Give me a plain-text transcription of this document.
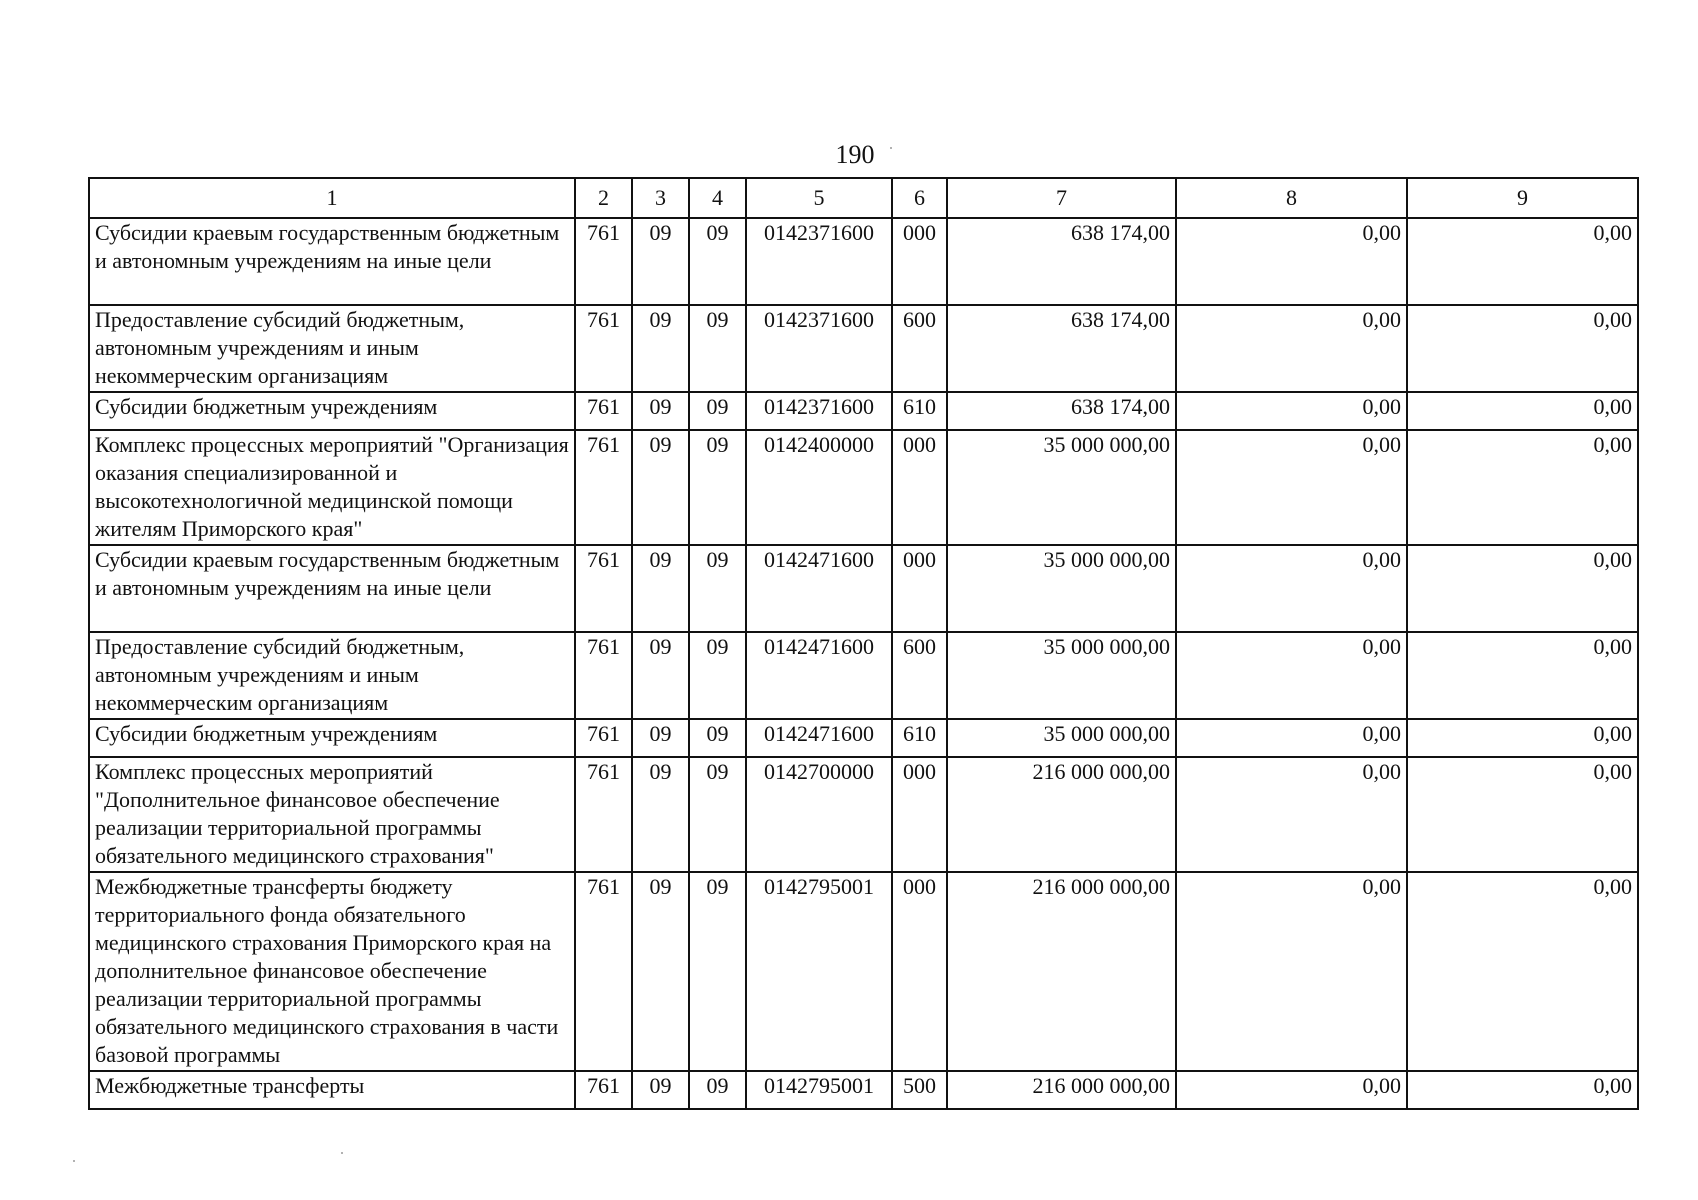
190
1	2	3	4	5	6	7	8	9
Субсидии краевым государственным бюджетным и автономным учреждениям на иные цели	761	09	09	0142371600	000	638 174,00	0,00	0,00
Предоставление субсидий бюджетным, автономным учреждениям и иным некоммерческим организациям	761	09	09	0142371600	600	638 174,00	0,00	0,00
Субсидии бюджетным учреждениям	761	09	09	0142371600	610	638 174,00	0,00	0,00
Комплекс процессных мероприятий "Организация оказания специализированной и высокотехнологичной медицинской помощи жителям Приморского края"	761	09	09	0142400000	000	35 000 000,00	0,00	0,00
Субсидии краевым государственным бюджетным и автономным учреждениям на иные цели	761	09	09	0142471600	000	35 000 000,00	0,00	0,00
Предоставление субсидий бюджетным, автономным учреждениям и иным некоммерческим организациям	761	09	09	0142471600	600	35 000 000,00	0,00	0,00
Субсидии бюджетным учреждениям	761	09	09	0142471600	610	35 000 000,00	0,00	0,00
Комплекс процессных мероприятий "Дополнительное финансовое обеспечение реализации территориальной программы обязательного медицинского страхования"	761	09	09	0142700000	000	216 000 000,00	0,00	0,00
Межбюджетные трансферты бюджету территориального фонда обязательного медицинского страхования Приморского края на дополнительное финансовое обеспечение реализации территориальной программы обязательного медицинского страхования в части базовой программы	761	09	09	0142795001	000	216 000 000,00	0,00	0,00
Межбюджетные трансферты	761	09	09	0142795001	500	216 000 000,00	0,00	0,00
